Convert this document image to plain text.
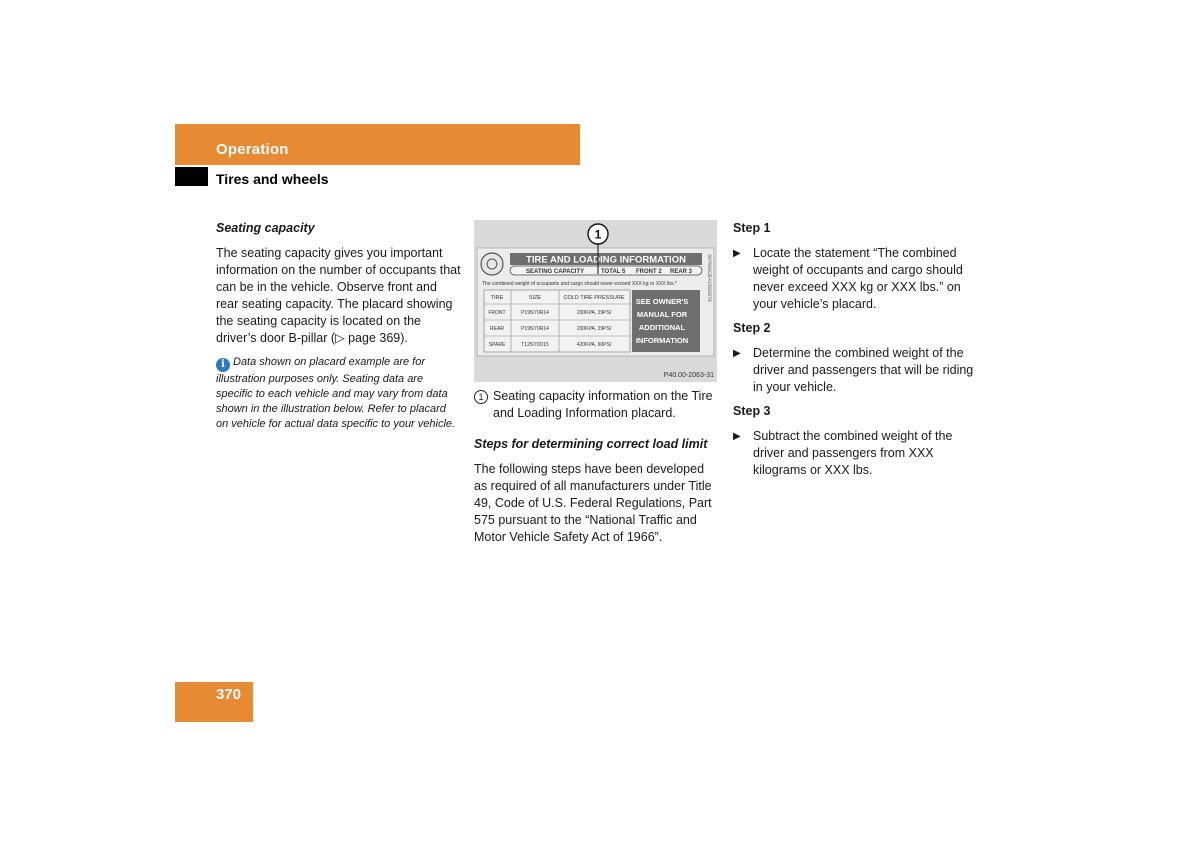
Operation
Tires and wheels
Seating capacity
The seating capacity gives you important information on the number of occupants that can be in the vehicle. Observe front and rear seating capacity. The placard showing the seating capacity is located on the driver’s door B-pillar (▷ page 369).
i Data shown on placard example are for illustration purposes only. Seating data are specific to each vehicle and may vary from data shown in the illustration below. Refer to placard on vehicle for actual data specific to your vehicle.
TIRE AND LOADING INFORMATION
SEATING CAPACITY	TOTAL 5 FRONT 2 REAR 3
The combined weight of occupants and cargo should never exceed XXX kg or XXX lbs.*
TIRE	SIZE	COLD TIRE PRESSURE
FRONT	P195/70R14	200KPA, 29PSI
REAR	P195/70R14	200KPA, 29PSI
SPARE	T125/70D15	420KPA, 60PSI
SEE OWNER'S
MANUAL FOR
ADDITIONAL
INFORMATION
3070A02E41582876
1
P40.00-2063-31
1 Seating capacity information on the Tire and Loading Information placard.
Steps for determining correct load limit
The following steps have been developed as required of all manufacturers under Title 49, Code of U.S. Federal Regulations, Part 575 pursuant to the “National Traffic and Motor Vehicle Safety Act of 1966”.
Step 1
▶ Locate the statement “The combined weight of occupants and cargo should never exceed XXX kg or XXX lbs.” on your vehicle’s placard.
Step 2
▶ Determine the combined weight of the driver and passengers that will be riding in your vehicle.
Step 3
▶ Subtract the combined weight of the driver and passengers from XXX kilograms or XXX lbs.
370
